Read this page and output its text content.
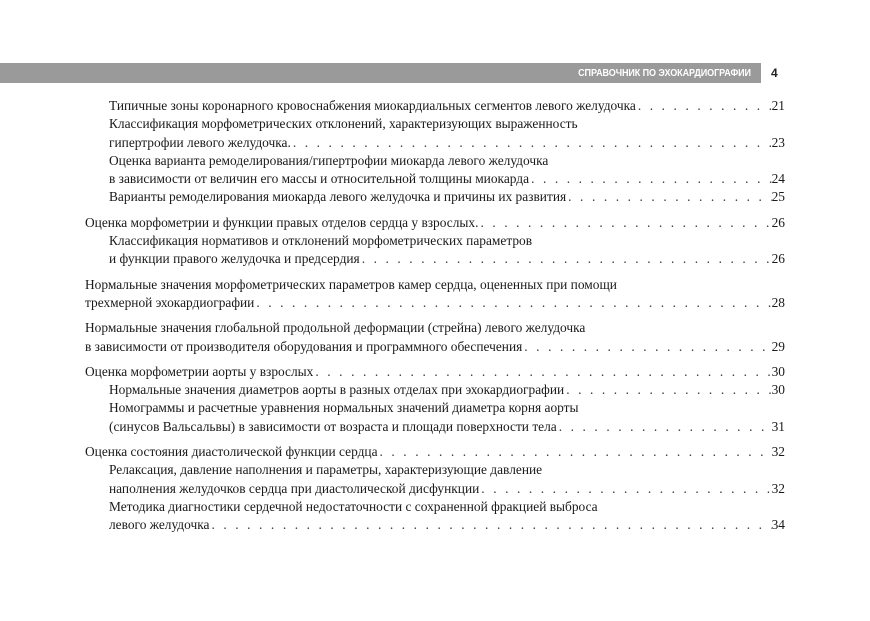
СПРАВОЧНИК ПО ЭХОКАРДИОГРАФИИ 4
Типичные зоны коронарного кровоснабжения миокардиальных сегментов левого желудочка . . .	21
Классификация морфометрических отклонений, характеризующих выраженность
гипертрофии левого желудочка. . . .	23
Оценка варианта ремоделирования/гипертрофии миокарда левого желудочка
в зависимости от величин его массы и относительной толщины миокарда . . .	24
Варианты ремоделирования миокарда левого желудочка и причины их развития . . .	25
Оценка морфометрии и функции правых отделов сердца у взрослых. . . .	26
Классификация нормативов и отклонений морфометрических параметров
и функции правого желудочка и предсердия . . .	26
Нормальные значения морфометрических параметров камер сердца, оцененных при помощи
трехмерной эхокардиографии . . .	28
Нормальные значения глобальной продольной деформации (стрейна) левого желудочка
в зависимости от производителя оборудования и программного обеспечения . . .	29
Оценка морфометрии аорты у взрослых . . .	30
Нормальные значения диаметров аорты в разных отделах при эхокардиографии . . .	30
Номограммы и расчетные уравнения нормальных значений диаметра корня аорты
(синусов Вальсальвы) в зависимости от возраста и площади поверхности тела . . .	31
Оценка состояния диастолической функции сердца . . .	32
Релаксация, давление наполнения и параметры, характеризующие давление
наполнения желудочков сердца при диастолической дисфункции . . .	32
Методика диагностики сердечной недостаточности с сохраненной фракцией выброса
левого желудочка . . .	34
